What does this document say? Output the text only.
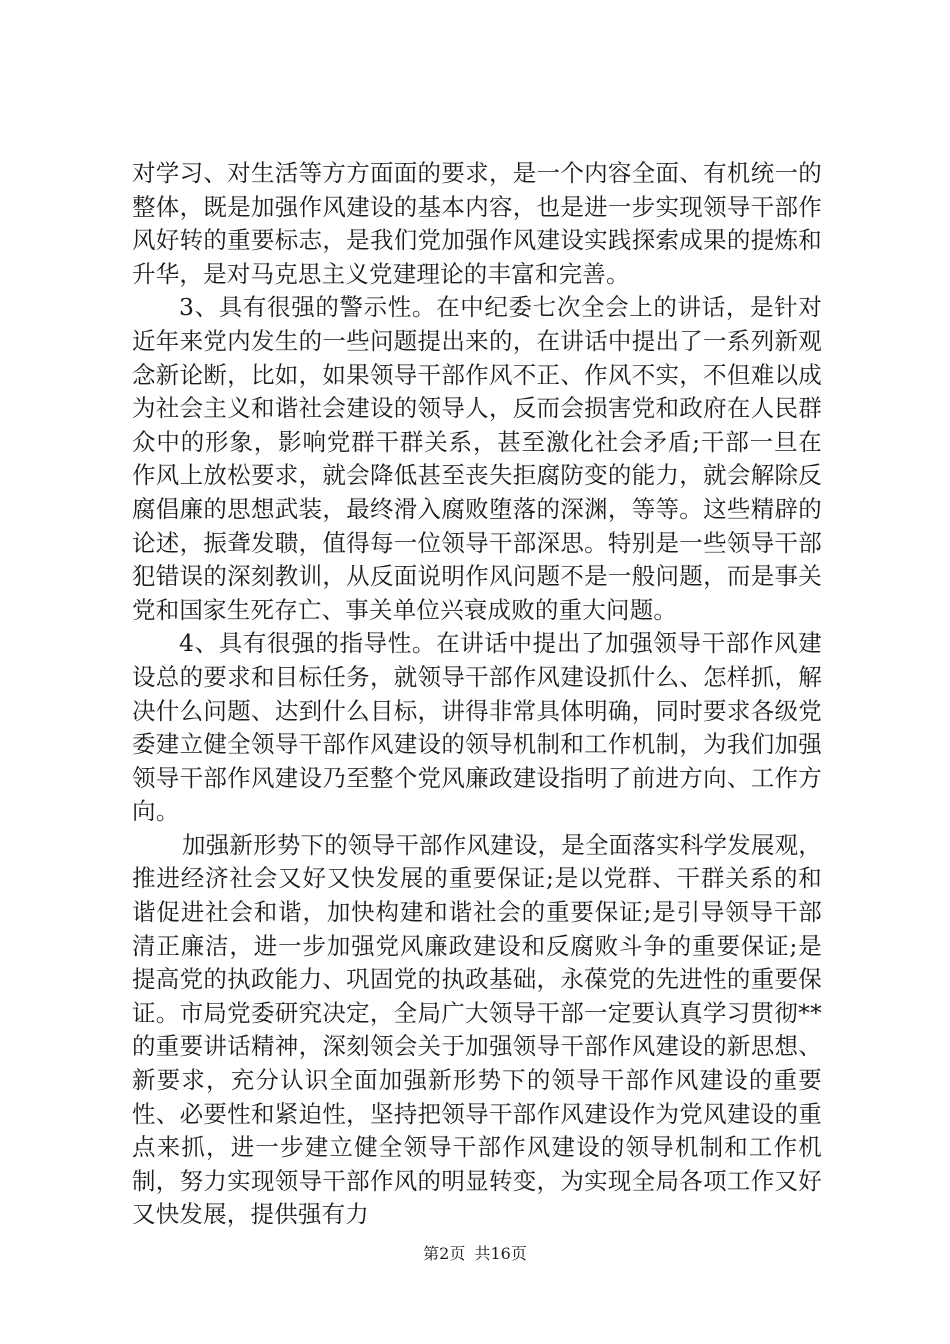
对学习、对生活等方方面面的要求，是一个内容全面、有机统一的整体，既是加强作风建设的基本内容，也是进一步实现领导干部作风好转的重要标志，是我们党加强作风建设实践探索成果的提炼和升华，是对马克思主义党建理论的丰富和完善。

3、具有很强的警示性。在中纪委七次全会上的讲话，是针对近年来党内发生的一些问题提出来的，在讲话中提出了一系列新观念新论断，比如，如果领导干部作风不正、作风不实，不但难以成为社会主义和谐社会建设的领导人，反而会损害党和政府在人民群众中的形象，影响党群干群关系，甚至激化社会矛盾;干部一旦在作风上放松要求，就会降低甚至丧失拒腐防变的能力，就会解除反腐倡廉的思想武装，最终滑入腐败堕落的深渊，等等。这些精辟的论述，振聋发聩，值得每一位领导干部深思。特别是一些领导干部犯错误的深刻教训，从反面说明作风问题不是一般问题，而是事关党和国家生死存亡、事关单位兴衰成败的重大问题。

4、具有很强的指导性。在讲话中提出了加强领导干部作风建设总的要求和目标任务，就领导干部作风建设抓什么、怎样抓，解决什么问题、达到什么目标，讲得非常具体明确，同时要求各级党委建立健全领导干部作风建设的领导机制和工作机制，为我们加强领导干部作风建设乃至整个党风廉政建设指明了前进方向、工作方向。

加强新形势下的领导干部作风建设，是全面落实科学发展观，推进经济社会又好又快发展的重要保证;是以党群、干群关系的和谐促进社会和谐，加快构建和谐社会的重要保证;是引导领导干部清正廉洁，进一步加强党风廉政建设和反腐败斗争的重要保证;是提高党的执政能力、巩固党的执政基础，永葆党的先进性的重要保证。市局党委研究决定，全局广大领导干部一定要认真学习贯彻**的重要讲话精神，深刻领会关于加强领导干部作风建设的新思想、新要求，充分认识全面加强新形势下的领导干部作风建设的重要性、必要性和紧迫性，坚持把领导干部作风建设作为党风建设的重点来抓，进一步建立健全领导干部作风建设的领导机制和工作机制，努力实现领导干部作风的明显转变，为实现全局各项工作又好又快发展，提供强有力

第2页 共16页
